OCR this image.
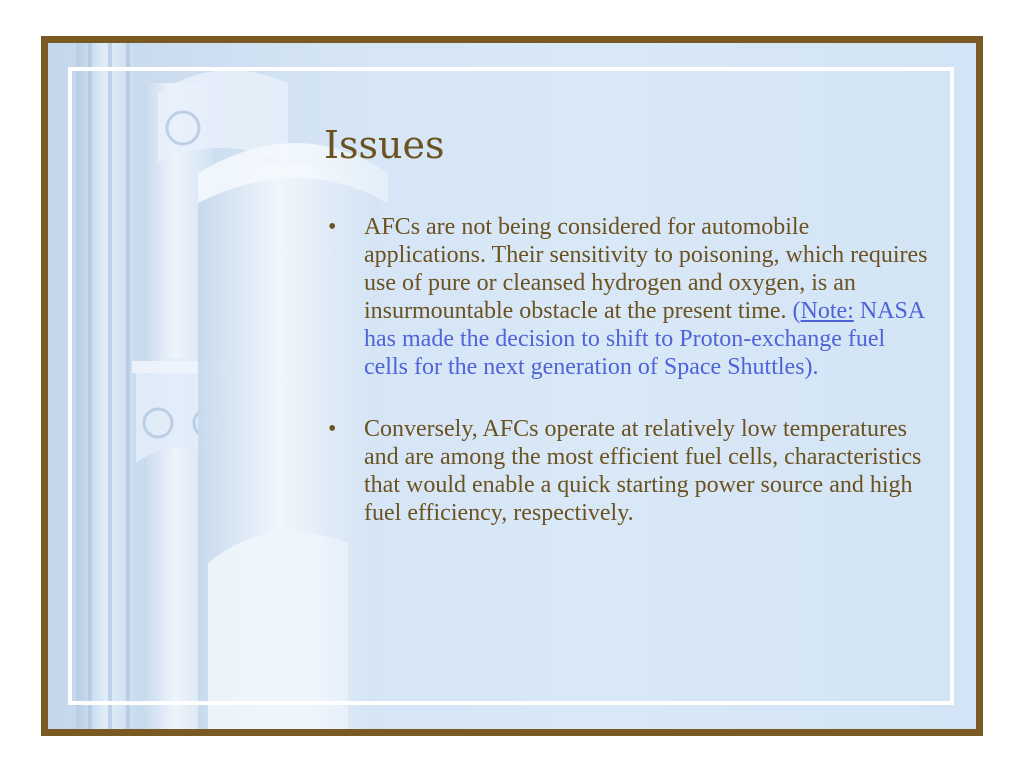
Issues
• AFCs are not being considered for automobile applications. Their sensitivity to poisoning, which requires use of pure or cleansed hydrogen and oxygen, is an insurmountable obstacle at the present time. (Note: NASA has made the decision to shift to Proton-exchange fuel cells for the next generation of Space Shuttles).
• Conversely, AFCs operate at relatively low temperatures and are among the most efficient fuel cells, characteristics that would enable a quick starting power source and high fuel efficiency, respectively.
